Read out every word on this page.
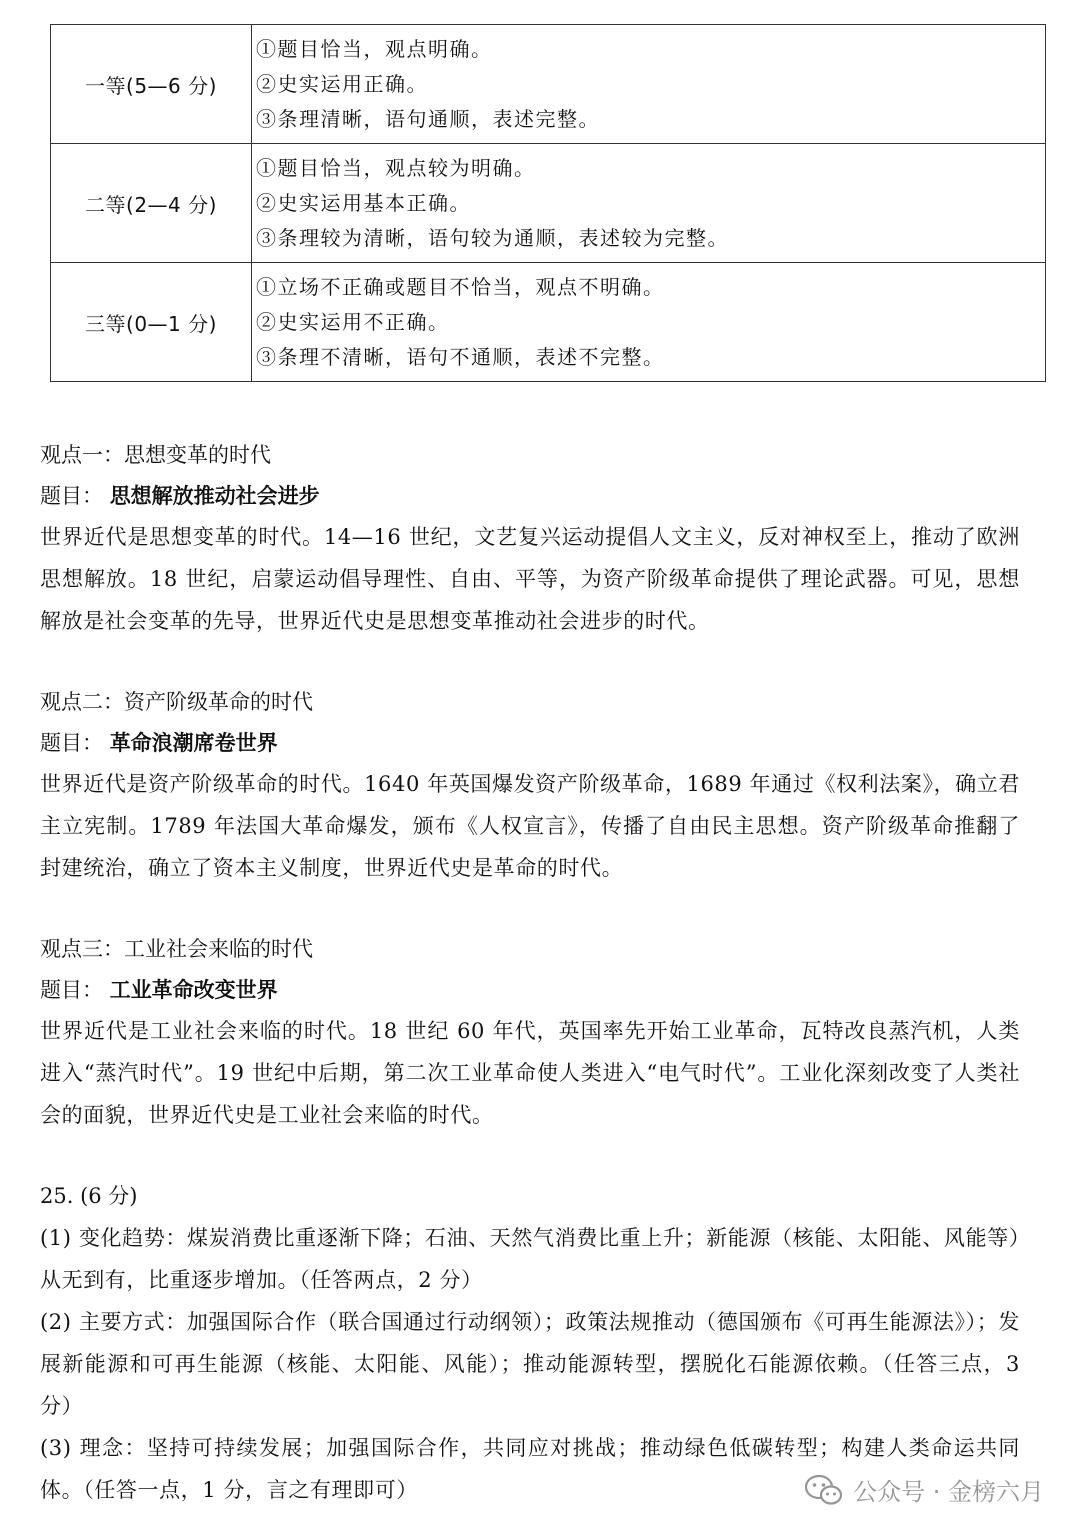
一等(5—6 分)	①题目恰当，观点明确。
②史实运用正确。
③条理清晰，语句通顺，表述完整。

二等(2—4 分)	①题目恰当，观点较为明确。
②史实运用基本正确。
③条理较为清晰，语句较为通顺，表述较为完整。

三等(0—1 分)	①立场不正确或题目不恰当，观点不明确。
②史实运用不正确。
③条理不清晰，语句不通顺，表述不完整。
观点一：思想变革的时代
题目： 思想解放推动社会进步
世界近代是思想变革的时代。14—16 世纪，文艺复兴运动提倡人文主义，反对神权至上，推动了欧洲思想解放。18 世纪，启蒙运动倡导理性、自由、平等，为资产阶级革命提供了理论武器。可见，思想解放是社会变革的先导，世界近代史是思想变革推动社会进步的时代。
观点二：资产阶级革命的时代
题目： 革命浪潮席卷世界
世界近代是资产阶级革命的时代。1640 年英国爆发资产阶级革命，1689 年通过《权利法案》，确立君主立宪制。1789 年法国大革命爆发，颁布《人权宣言》，传播了自由民主思想。资产阶级革命推翻了封建统治，确立了资本主义制度，世界近代史是革命的时代。
观点三：工业社会来临的时代
题目： 工业革命改变世界
世界近代是工业社会来临的时代。18 世纪 60 年代，英国率先开始工业革命，瓦特改良蒸汽机，人类进入“蒸汽时代”。19 世纪中后期，第二次工业革命使人类进入“电气时代”。工业化深刻改变了人类社会的面貌，世界近代史是工业社会来临的时代。
25. (6 分)
(1) 变化趋势：煤炭消费比重逐渐下降；石油、天然气消费比重上升；新能源（核能、太阳能、风能等）从无到有，比重逐步增加。（任答两点，2 分）
(2) 主要方式：加强国际合作（联合国通过行动纲领）；政策法规推动（德国颁布《可再生能源法》）；发展新能源和可再生能源（核能、太阳能、风能）；推动能源转型，摆脱化石能源依赖。（任答三点，3 分）
(3) 理念：坚持可持续发展；加强国际合作，共同应对挑战；推动绿色低碳转型；构建人类命运共同体。（任答一点，1 分，言之有理即可）	公众号 · 金榜六月
